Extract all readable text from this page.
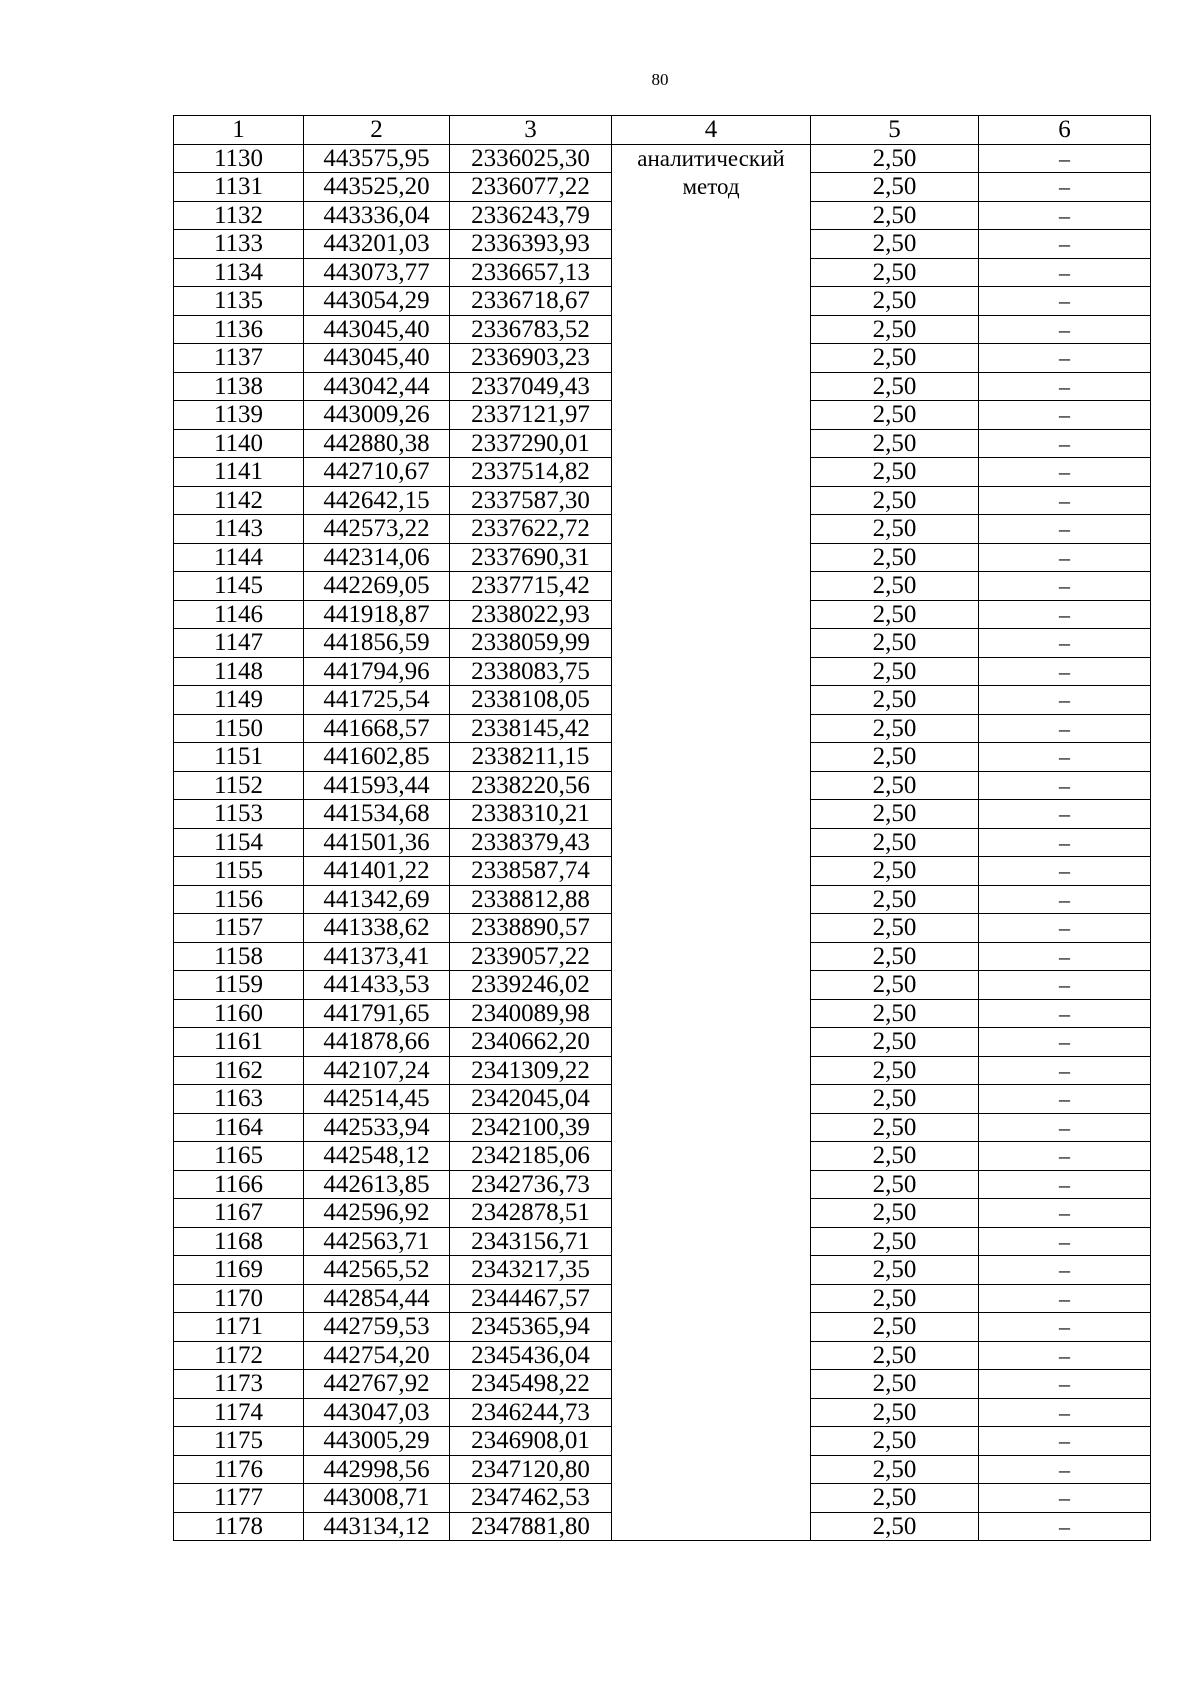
80
1	2	3	4	5	6
1130	443575,95	2336025,30	аналитический метод	2,50	–
1131	443525,20	2336077,22		2,50	–
1132	443336,04	2336243,79		2,50	–
1133	443201,03	2336393,93		2,50	–
1134	443073,77	2336657,13		2,50	–
1135	443054,29	2336718,67		2,50	–
1136	443045,40	2336783,52		2,50	–
1137	443045,40	2336903,23		2,50	–
1138	443042,44	2337049,43		2,50	–
1139	443009,26	2337121,97		2,50	–
1140	442880,38	2337290,01		2,50	–
1141	442710,67	2337514,82		2,50	–
1142	442642,15	2337587,30		2,50	–
1143	442573,22	2337622,72		2,50	–
1144	442314,06	2337690,31		2,50	–
1145	442269,05	2337715,42		2,50	–
1146	441918,87	2338022,93		2,50	–
1147	441856,59	2338059,99		2,50	–
1148	441794,96	2338083,75		2,50	–
1149	441725,54	2338108,05		2,50	–
1150	441668,57	2338145,42		2,50	–
1151	441602,85	2338211,15		2,50	–
1152	441593,44	2338220,56		2,50	–
1153	441534,68	2338310,21		2,50	–
1154	441501,36	2338379,43		2,50	–
1155	441401,22	2338587,74		2,50	–
1156	441342,69	2338812,88		2,50	–
1157	441338,62	2338890,57		2,50	–
1158	441373,41	2339057,22		2,50	–
1159	441433,53	2339246,02		2,50	–
1160	441791,65	2340089,98		2,50	–
1161	441878,66	2340662,20		2,50	–
1162	442107,24	2341309,22		2,50	–
1163	442514,45	2342045,04		2,50	–
1164	442533,94	2342100,39		2,50	–
1165	442548,12	2342185,06		2,50	–
1166	442613,85	2342736,73		2,50	–
1167	442596,92	2342878,51		2,50	–
1168	442563,71	2343156,71		2,50	–
1169	442565,52	2343217,35		2,50	–
1170	442854,44	2344467,57		2,50	–
1171	442759,53	2345365,94		2,50	–
1172	442754,20	2345436,04		2,50	–
1173	442767,92	2345498,22		2,50	–
1174	443047,03	2346244,73		2,50	–
1175	443005,29	2346908,01		2,50	–
1176	442998,56	2347120,80		2,50	–
1177	443008,71	2347462,53		2,50	–
1178	443134,12	2347881,80		2,50	–
